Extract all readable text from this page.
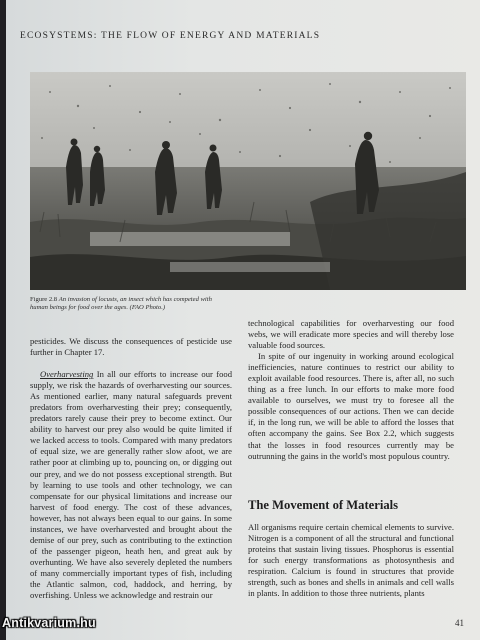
ECOSYSTEMS: THE FLOW OF ENERGY AND MATERIALS
Figure 2.8 An invasion of locusts, an insect which has competed with human beings for food over the ages. (FAO Photo.)

pesticides. We discuss the consequences of pesticide use further in Chapter 17.

Overharvesting In all our efforts to increase our food supply, we risk the hazards of overharvesting our sources. As mentioned earlier, many natural safeguards prevent predators from overharvesting their prey; consequently, predators rarely cause their prey to become extinct. Our ability to harvest our prey also would be quite limited if we lacked access to tools. Compared with many predators of equal size, we are generally rather slow afoot, we are rather poor at climbing up to, pouncing on, or digging out our prey, and we do not possess exceptional strength. But by learning to use tools and other technology, we can compensate for our physical limitations and increase our harvest of food energy. The cost of these advances, however, has not always been equal to our gains. In some instances, we have overharvested and brought about the demise of our prey, such as contributing to the extinction of the passenger pigeon, heath hen, and great auk by overhunting. We have also severely depleted the numbers of many commercially important types of fish, including the Atlantic salmon, cod, haddock, and herring, by overfishing. Unless we acknowledge and restrain our

technological capabilities for overharvesting our food webs, we will eradicate more species and will thereby lose valuable food sources.

In spite of our ingenuity in working around ecological inefficiencies, nature continues to restrict our ability to exploit available food resources. There is, after all, no such thing as a free lunch. In our efforts to make more food available to ourselves, we must try to foresee all the possible consequences of our actions. Then we can decide if, in the long run, we will be able to afford the losses that often accompany the gains. See Box 2.2, which suggests that the losses in food resources currently may be outrunning the gains in the world's most populous country.

The Movement of Materials

All organisms require certain chemical elements to survive. Nitrogen is a component of all the structural and functional proteins that sustain living tissues. Phosphorus is essential for such energy transformations as photosynthesis and respiration. Calcium is found in structures that provide strength, such as bones and shells in animals and cell walls in plants. In addition to those three nutrients, plants

41
Antikvarium.hu
